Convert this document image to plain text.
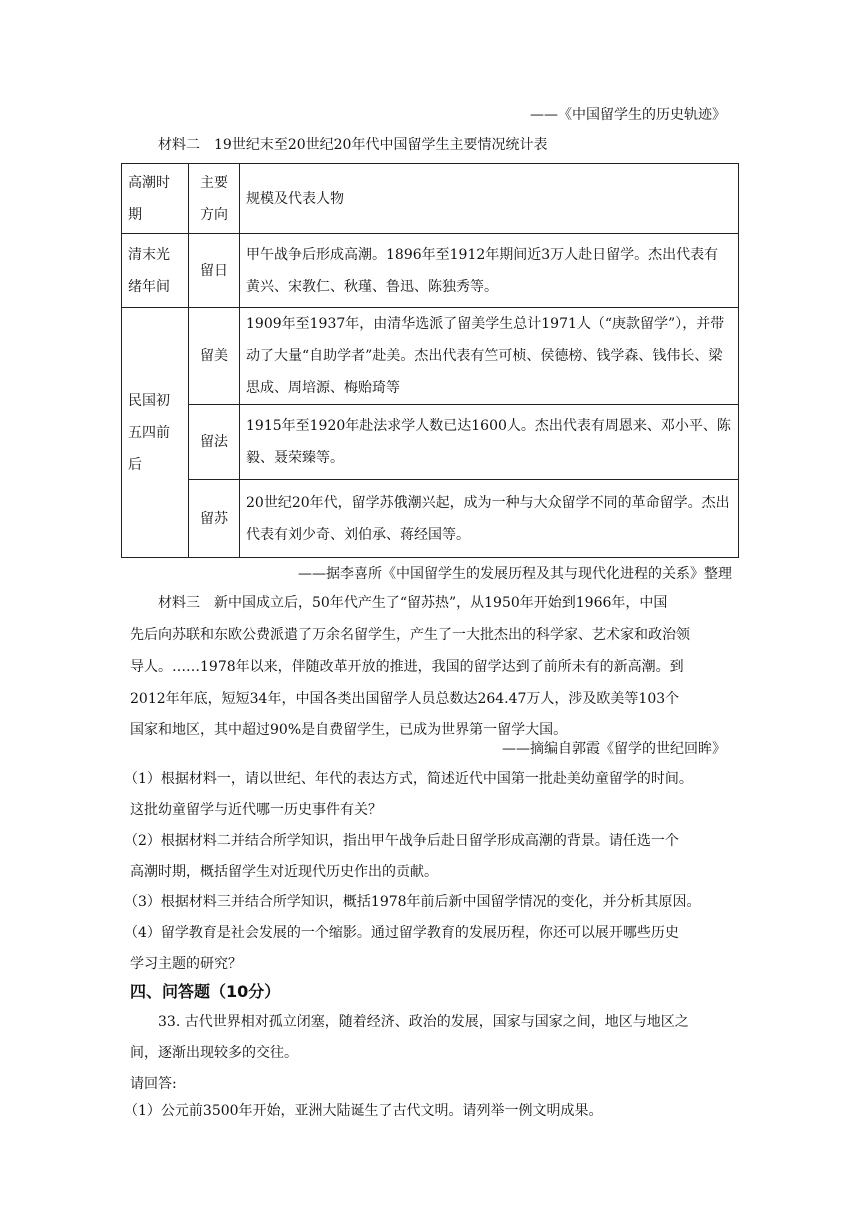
——《中国留学生的历史轨迹》
材料二　19世纪末至20世纪20年代中国留学生主要情况统计表
高潮时期	主要方向	规模及代表人物
清末光绪年间	留日	甲午战争后形成高潮。1896年至1912年期间近3万人赴日留学。杰出代表有黄兴、宋教仁、秋瑾、鲁迅、陈独秀等。
民国初五四前后	留美	1909年至1937年，由清华选派了留美学生总计1971人（“庚款留学”），并带动了大量“自助学者”赴美。杰出代表有竺可桢、侯德榜、钱学森、钱伟长、梁思成、周培源、梅贻琦等
	留法	1915年至1920年赴法求学人数已达1600人。杰出代表有周恩来、邓小平、陈毅、聂荣臻等。
	留苏	20世纪20年代，留学苏俄潮兴起，成为一种与大众留学不同的革命留学。杰出代表有刘少奇、刘伯承、蒋经国等。
——据李喜所《中国留学生的发展历程及其与现代化进程的关系》整理
材料三　新中国成立后，50年代产生了“留苏热”，从1950年开始到1966年，中国
先后向苏联和东欧公费派遣了万余名留学生，产生了一大批杰出的科学家、艺术家和政治领
导人。……1978年以来，伴随改革开放的推进，我国的留学达到了前所未有的新高潮。到
2012年年底，短短34年，中国各类出国留学人员总数达264.47万人，涉及欧美等103个
国家和地区，其中超过90%是自费留学生，已成为世界第一留学大国。
——摘编自郭霞《留学的世纪回眸》
（1）根据材料一，请以世纪、年代的表达方式，简述近代中国第一批赴美幼童留学的时间。
这批幼童留学与近代哪一历史事件有关？
（2）根据材料二并结合所学知识，指出甲午战争后赴日留学形成高潮的背景。请任选一个
高潮时期，概括留学生对近现代历史作出的贡献。
（3）根据材料三并结合所学知识，概括1978年前后新中国留学情况的变化，并分析其原因。
（4）留学教育是社会发展的一个缩影。通过留学教育的发展历程，你还可以展开哪些历史
学习主题的研究？
四、问答题（10分）
33. 古代世界相对孤立闭塞，随着经济、政治的发展，国家与国家之间，地区与地区之
间，逐渐出现较多的交往。
请回答:
（1）公元前3500年开始，亚洲大陆诞生了古代文明。请列举一例文明成果。
